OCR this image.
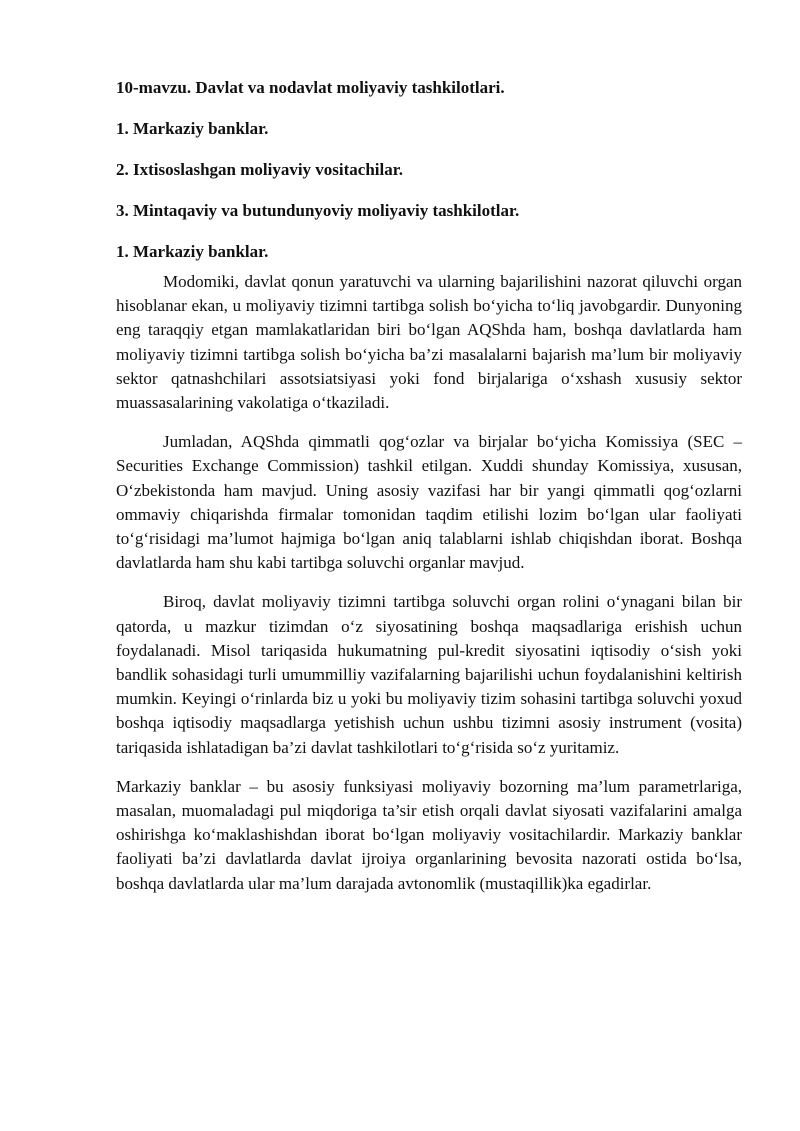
10-mavzu. Davlat va nodavlat moliyaviy tashkilotlari.
1. Markaziy banklar.
2. Ixtisoslashgan moliyaviy vositachilar.
3. Mintaqaviy va butundunyoviy moliyaviy tashkilotlar.
1. Markaziy banklar.

Modomiki, davlat qonun yaratuvchi va ularning bajarilishini nazorat qiluvchi organ hisoblanar ekan, u moliyaviy tizimni tartibga solish bo‘yicha to‘liq javobgardir. Dunyoning eng taraqqiy etgan mamlakatlaridan biri bo‘lgan AQShda ham, boshqa davlatlarda ham moliyaviy tizimni tartibga solish bo‘yicha ba’zi masalalarni bajarish ma’lum bir moliyaviy sektor qatnashchilari assotsiatsiyasi yoki fond birjalariga o‘xshash xususiy sektor muassasalarining vakolatiga o‘tkaziladi.

Jumladan, AQShda qimmatli qog‘ozlar va birjalar bo‘yicha Komissiya (SEC – Securities Exchange Commission) tashkil etilgan. Xuddi shunday Komissiya, xususan, O‘zbekistonda ham mavjud. Uning asosiy vazifasi har bir yangi qimmatli qog‘ozlarni ommaviy chiqarishda firmalar tomonidan taqdim etilishi lozim bo‘lgan ular faoliyati to‘g‘risidagi ma’lumot hajmiga bo‘lgan aniq talablarni ishlab chiqishdan iborat. Boshqa davlatlarda ham shu kabi tartibga soluvchi organlar mavjud.

Biroq, davlat moliyaviy tizimni tartibga soluvchi organ rolini o‘ynagani bilan bir qatorda, u mazkur tizimdan o‘z siyosatining boshqa maqsadlariga erishish uchun foydalanadi. Misol tariqasida hukumatning pul-kredit siyosatini iqtisodiy o‘sish yoki bandlik sohasidagi turli umummilliy vazifalarning bajarilishi uchun foydalanishini keltirish mumkin. Keyingi o‘rinlarda biz u yoki bu moliyaviy tizim sohasini tartibga soluvchi yoxud boshqa iqtisodiy maqsadlarga yetishish uchun ushbu tizimni asosiy instrument (vosita) tariqasida ishlatadigan ba’zi davlat tashkilotlari to‘g‘risida so‘z yuritamiz.

Markaziy banklar – bu asosiy funksiyasi moliyaviy bozorning ma’lum parametrlariga, masalan, muomaladagi pul miqdoriga ta’sir etish orqali davlat siyosati vazifalarini amalga oshirishga ko‘maklashishdan iborat bo‘lgan moliyaviy vositachilardir. Markaziy banklar faoliyati ba’zi davlatlarda davlat ijroiya organlarining bevosita nazorati ostida bo‘lsa, boshqa davlatlarda ular ma’lum darajada avtonomlik (mustaqillik)ka egadirlar.
